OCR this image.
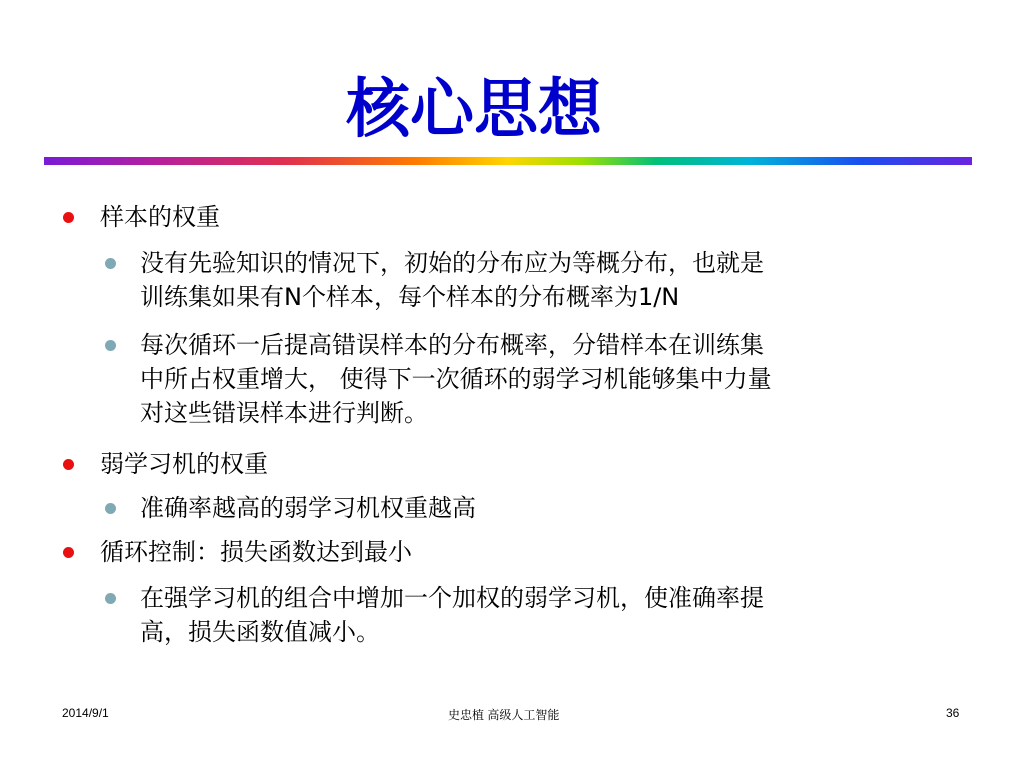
核心思想
样本的权重
没有先验知识的情况下，初始的分布应为等概分布，也就是
训练集如果有N个样本，每个样本的分布概率为1/N
每次循环一后提高错误样本的分布概率，分错样本在训练集
中所占权重增大， 使得下一次循环的弱学习机能够集中力量
对这些错误样本进行判断。
弱学习机的权重
准确率越高的弱学习机权重越高
循环控制：损失函数达到最小
在强学习机的组合中增加一个加权的弱学习机，使准确率提
高，损失函数值减小。
2014/9/1	史忠植 高级人工智能	36
